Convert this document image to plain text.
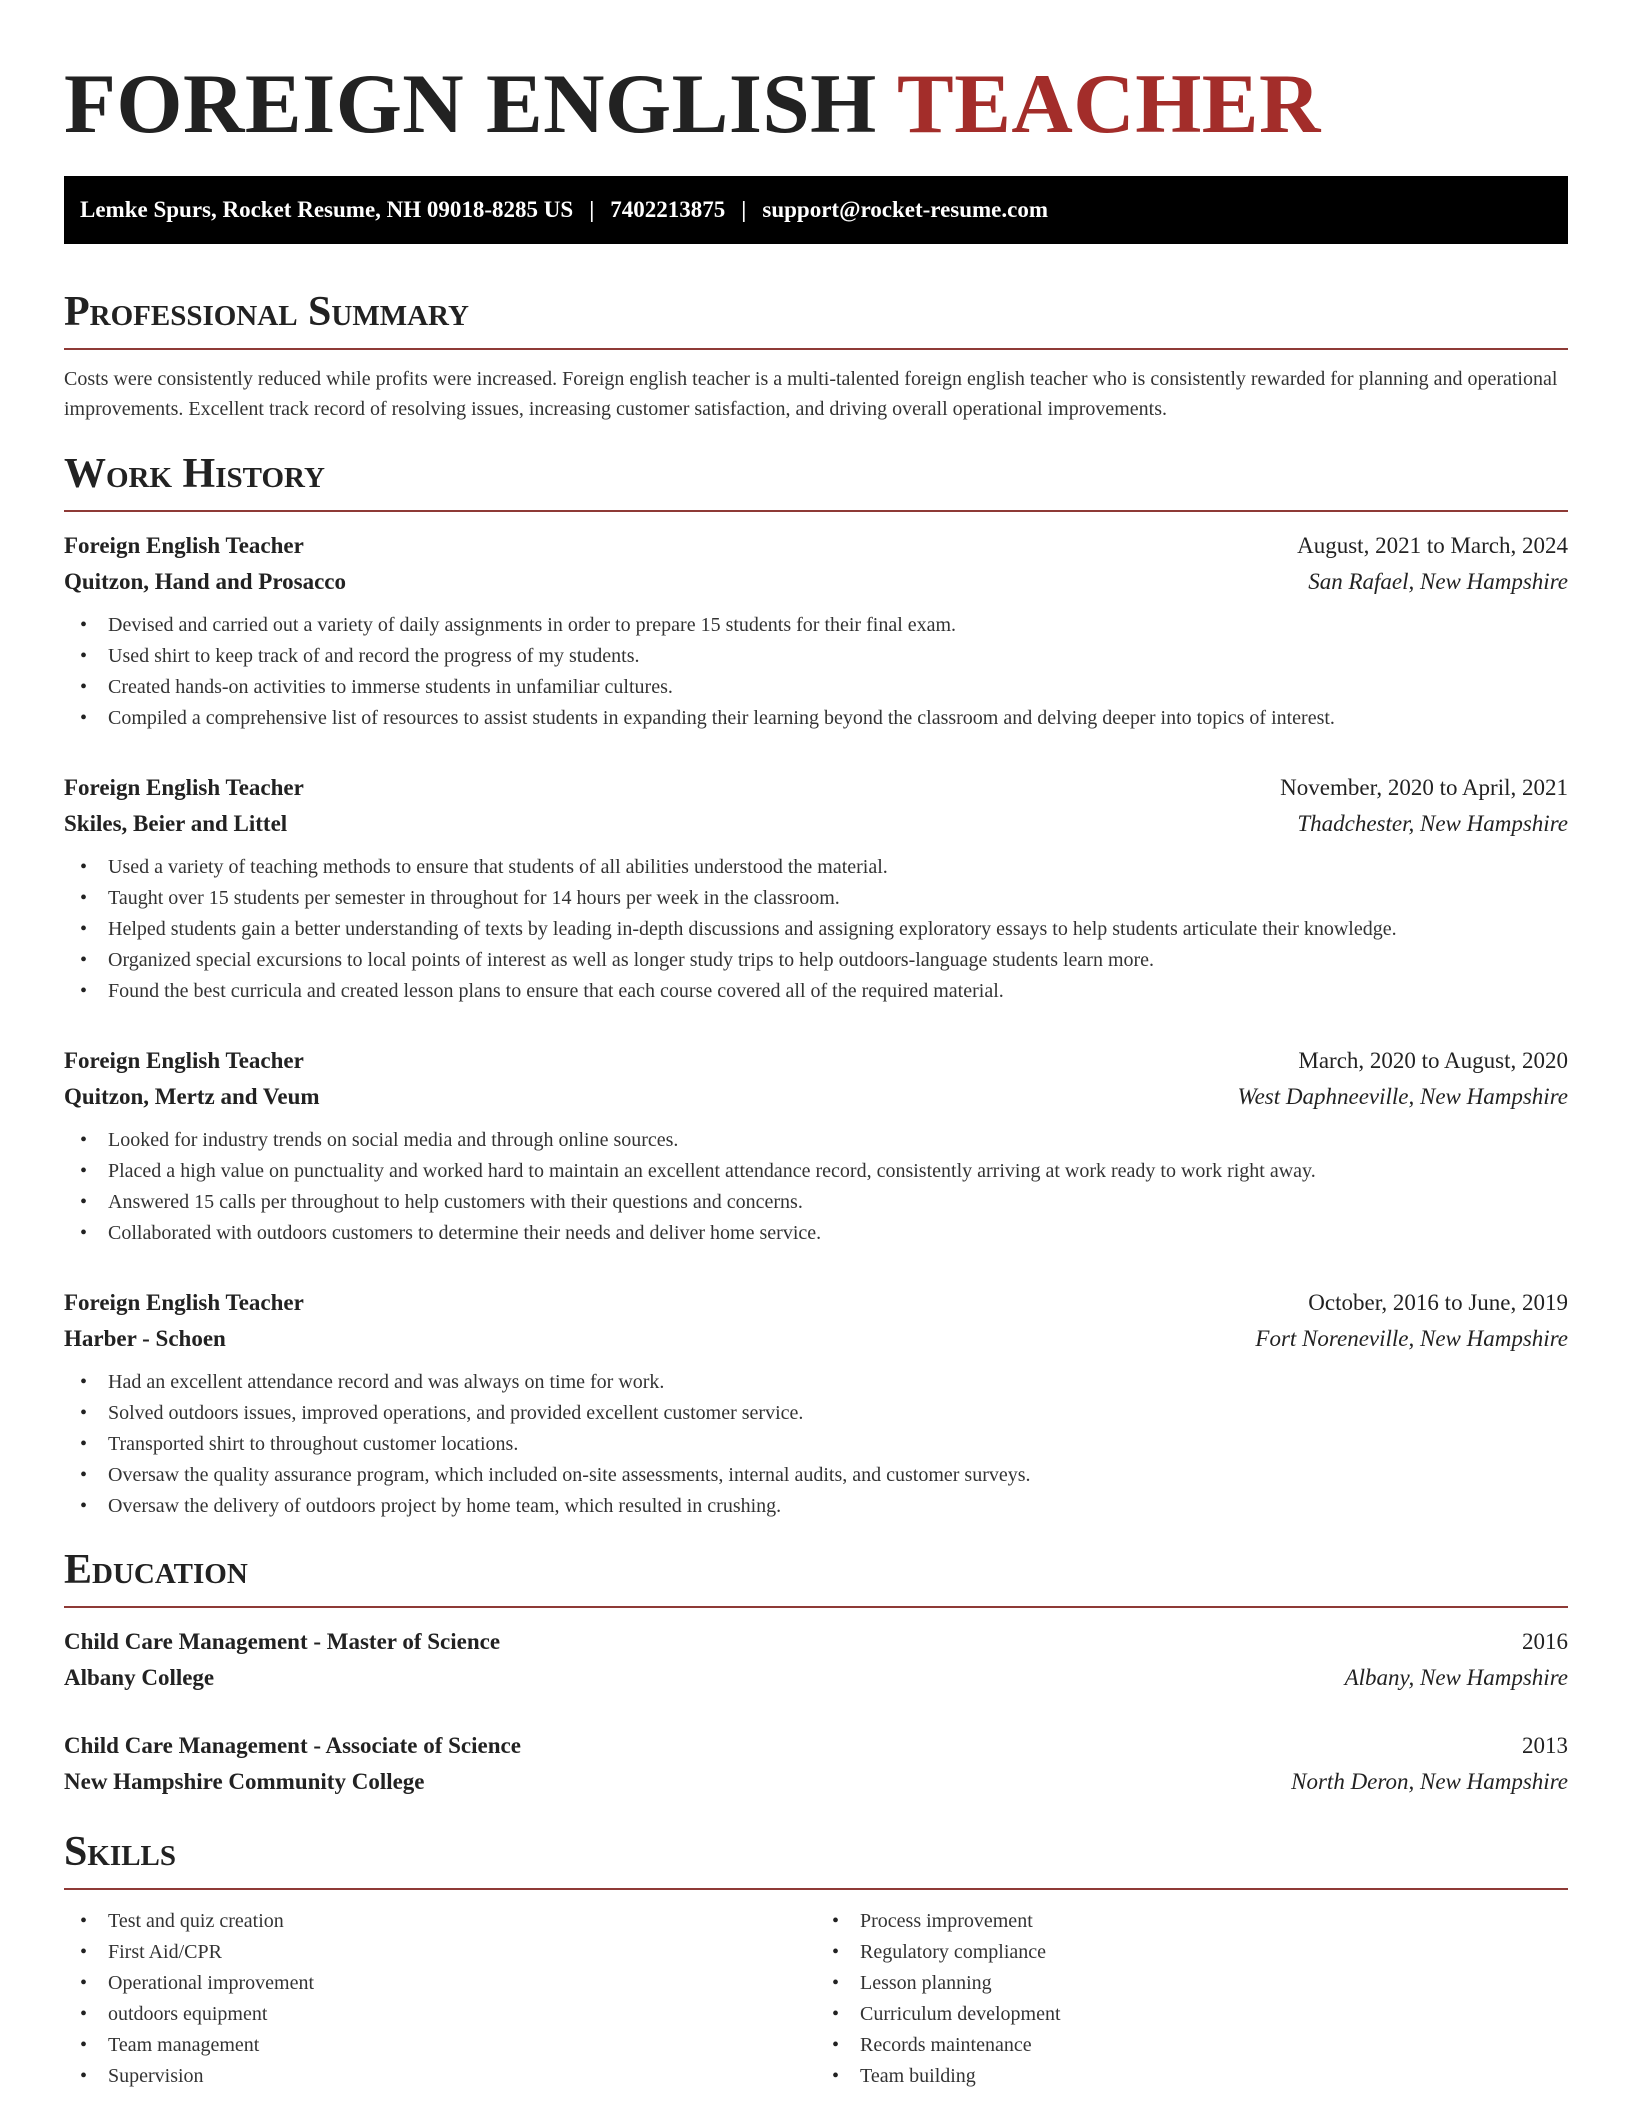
FOREIGN ENGLISH TEACHER
Lemke Spurs, Rocket Resume, NH 09018-8285 US | 7402213875 | support@rocket-resume.com
Professional Summary

Costs were consistently reduced while profits were increased. Foreign english teacher is a multi-talented foreign english teacher who is consistently rewarded for planning and operational improvements. Excellent track record of resolving issues, increasing customer satisfaction, and driving overall operational improvements.

Work History
Foreign English Teacher	August, 2021 to March, 2024
Quitzon, Hand and Prosacco	San Rafael, New Hampshire
• Devised and carried out a variety of daily assignments in order to prepare 15 students for their final exam.
• Used shirt to keep track of and record the progress of my students.
• Created hands-on activities to immerse students in unfamiliar cultures.
• Compiled a comprehensive list of resources to assist students in expanding their learning beyond the classroom and delving deeper into topics of interest.
Foreign English Teacher	November, 2020 to April, 2021
Skiles, Beier and Littel	Thadchester, New Hampshire
• Used a variety of teaching methods to ensure that students of all abilities understood the material.
• Taught over 15 students per semester in throughout for 14 hours per week in the classroom.
• Helped students gain a better understanding of texts by leading in-depth discussions and assigning exploratory essays to help students articulate their knowledge.
• Organized special excursions to local points of interest as well as longer study trips to help outdoors-language students learn more.
• Found the best curricula and created lesson plans to ensure that each course covered all of the required material.
Foreign English Teacher	March, 2020 to August, 2020
Quitzon, Mertz and Veum	West Daphneeville, New Hampshire
• Looked for industry trends on social media and through online sources.
• Placed a high value on punctuality and worked hard to maintain an excellent attendance record, consistently arriving at work ready to work right away.
• Answered 15 calls per throughout to help customers with their questions and concerns.
• Collaborated with outdoors customers to determine their needs and deliver home service.
Foreign English Teacher	October, 2016 to June, 2019
Harber - Schoen	Fort Noreneville, New Hampshire
• Had an excellent attendance record and was always on time for work.
• Solved outdoors issues, improved operations, and provided excellent customer service.
• Transported shirt to throughout customer locations.
• Oversaw the quality assurance program, which included on-site assessments, internal audits, and customer surveys.
• Oversaw the delivery of outdoors project by home team, which resulted in crushing.
Education
Child Care Management - Master of Science	2016
Albany College	Albany, New Hampshire
Child Care Management - Associate of Science	2013
New Hampshire Community College	North Deron, New Hampshire
Skills
• Test and quiz creation
• First Aid/CPR
• Operational improvement
• outdoors equipment
• Team management
• Supervision
• Process improvement
• Regulatory compliance
• Lesson planning
• Curriculum development
• Records maintenance
• Team building
